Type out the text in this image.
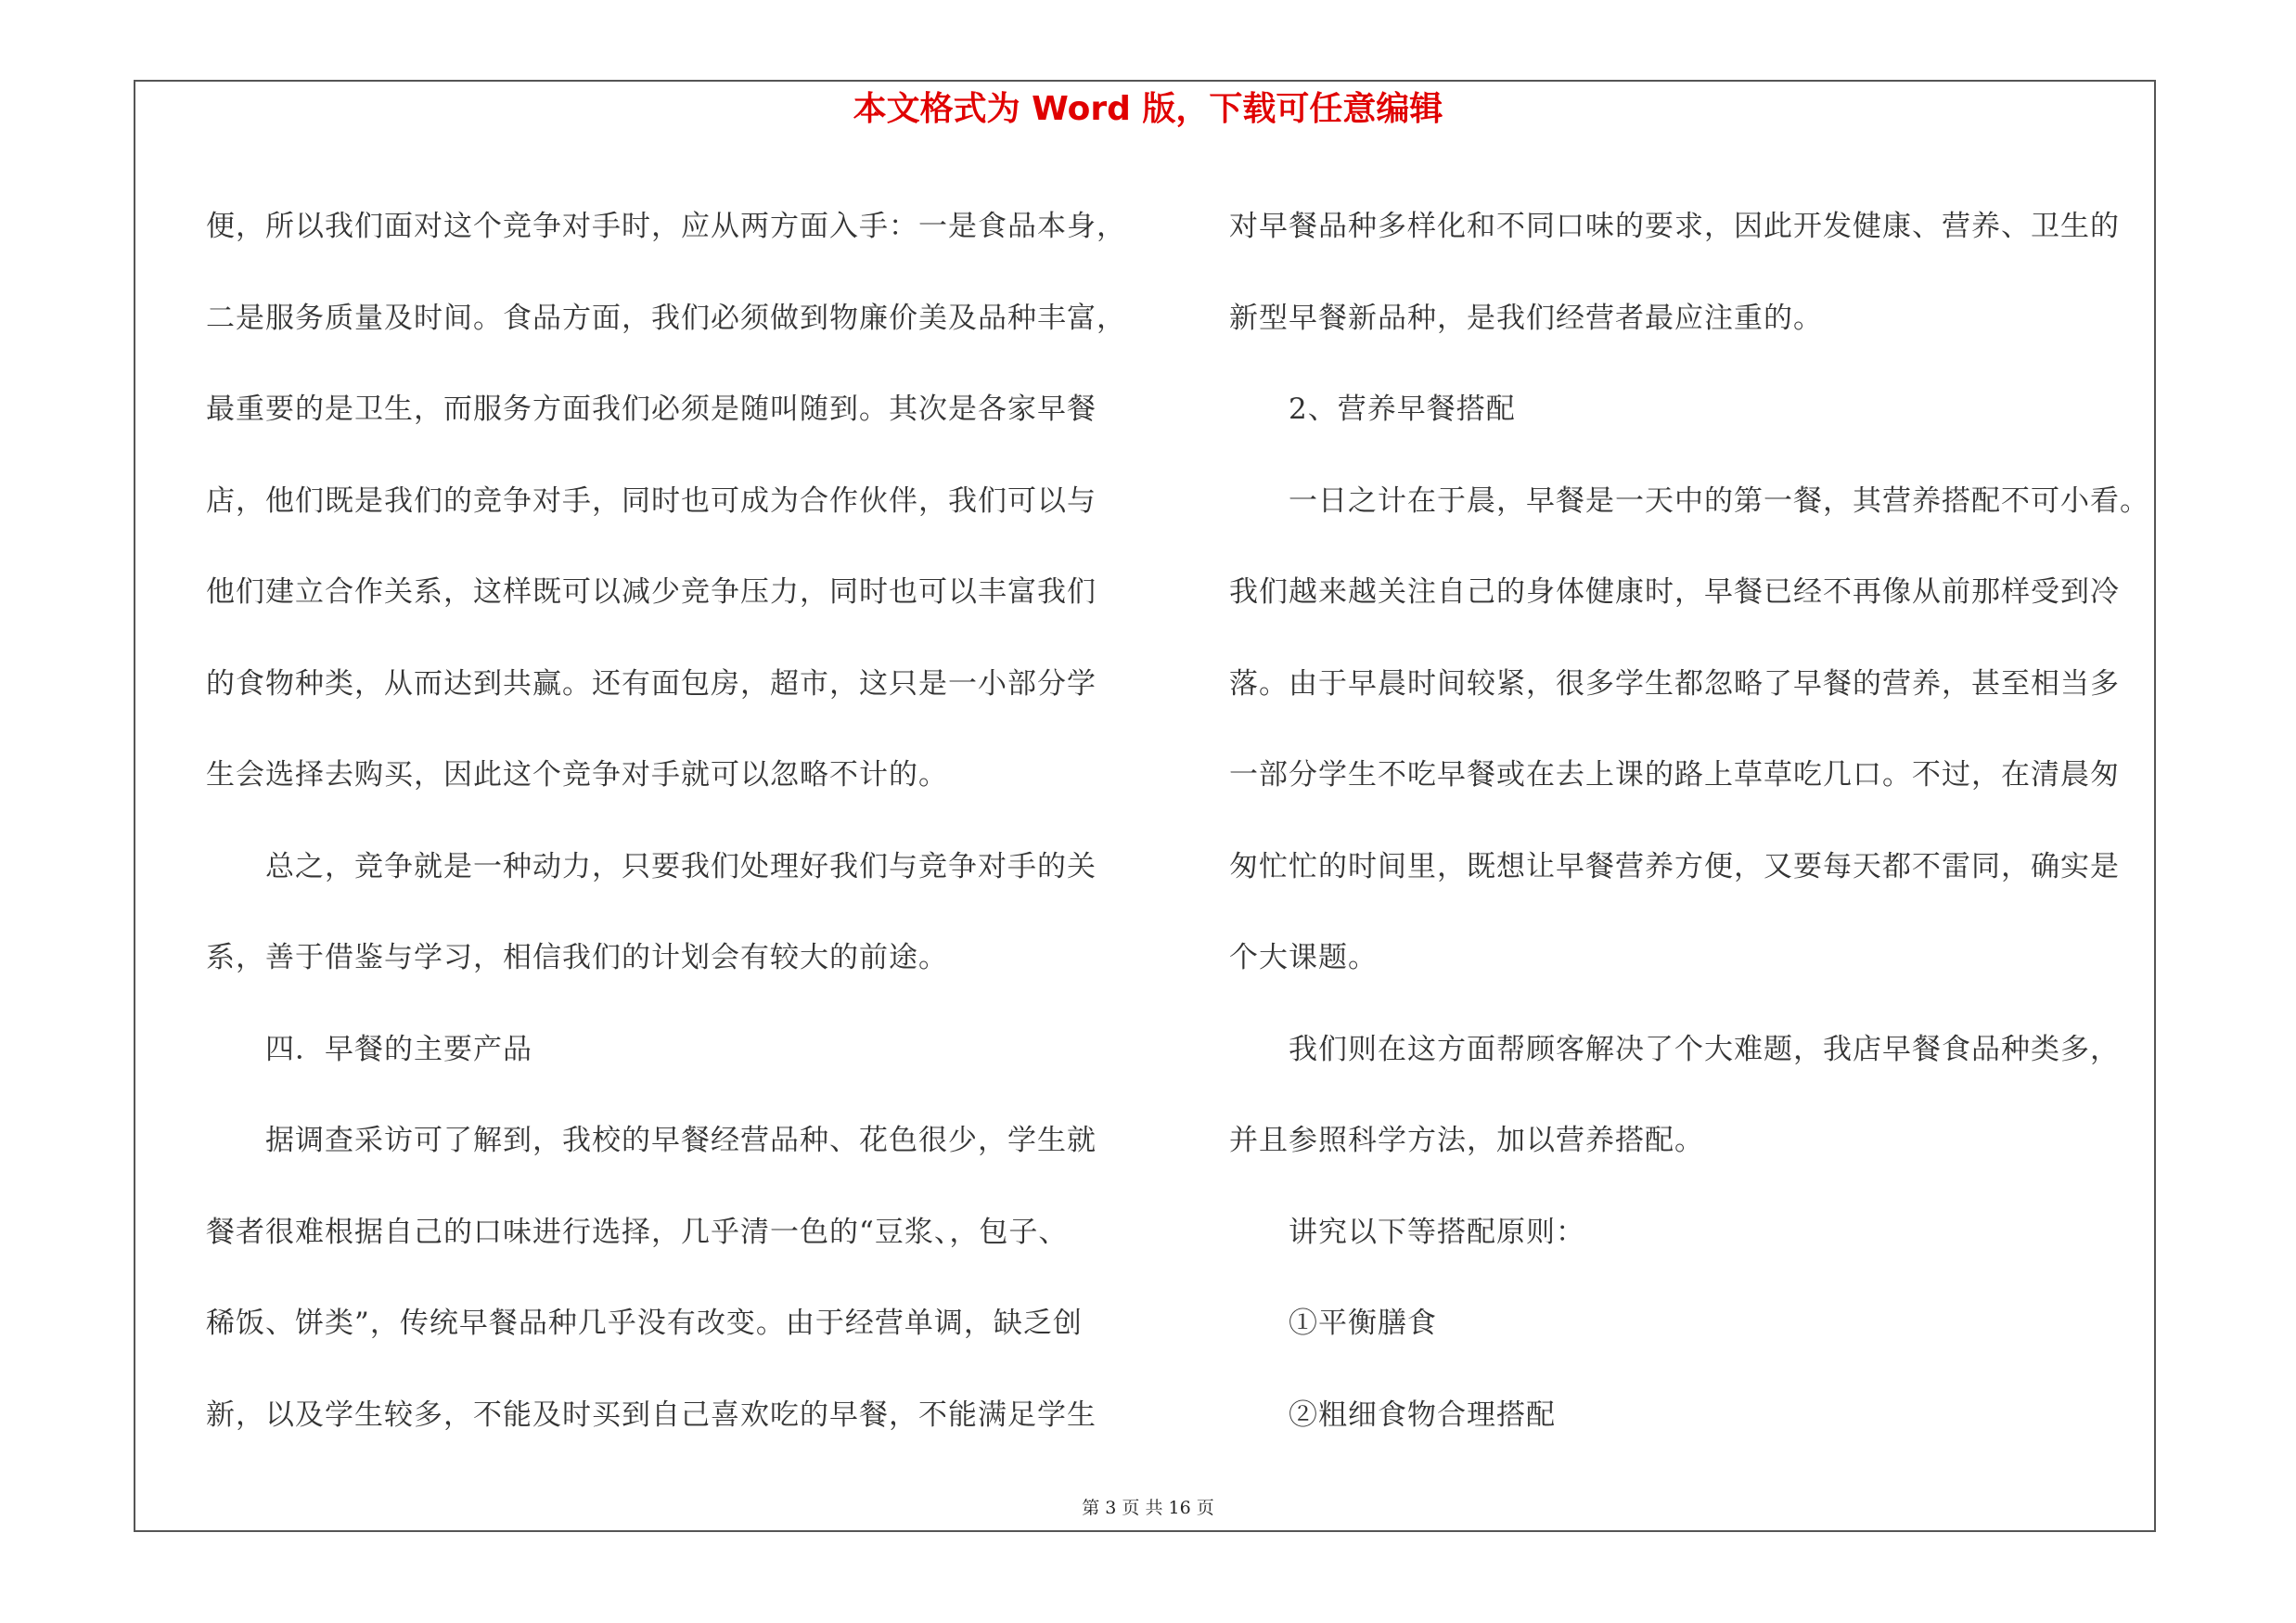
本文格式为 Word 版，下载可任意编辑

便，所以我们面对这个竞争对手时，应从两方面入手：一是食品本身，

二是服务质量及时间。食品方面，我们必须做到物廉价美及品种丰富，

最重要的是卫生，而服务方面我们必须是随叫随到。其次是各家早餐

店，他们既是我们的竞争对手，同时也可成为合作伙伴，我们可以与

他们建立合作关系，这样既可以减少竞争压力，同时也可以丰富我们

的食物种类，从而达到共赢。还有面包房，超市，这只是一小部分学

生会选择去购买，因此这个竞争对手就可以忽略不计的。

　　总之，竞争就是一种动力，只要我们处理好我们与竞争对手的关

系，善于借鉴与学习，相信我们的计划会有较大的前途。

　　四．早餐的主要产品

　　据调查采访可了解到，我校的早餐经营品种、花色很少，学生就

餐者很难根据自己的口味进行选择，几乎清一色的“豆浆、，包子、

稀饭、饼类”，传统早餐品种几乎没有改变。由于经营单调，缺乏创

新，以及学生较多，不能及时买到自己喜欢吃的早餐，不能满足学生

对早餐品种多样化和不同口味的要求，因此开发健康、营养、卫生的

新型早餐新品种，是我们经营者最应注重的。

　　2、营养早餐搭配

　　一日之计在于晨，早餐是一天中的第一餐，其营养搭配不可小看。

我们越来越关注自己的身体健康时，早餐已经不再像从前那样受到冷

落。由于早晨时间较紧，很多学生都忽略了早餐的营养，甚至相当多

一部分学生不吃早餐或在去上课的路上草草吃几口。不过，在清晨匆

匆忙忙的时间里，既想让早餐营养方便，又要每天都不雷同，确实是

个大课题。

　　我们则在这方面帮顾客解决了个大难题，我店早餐食品种类多，

并且参照科学方法，加以营养搭配。

　　讲究以下等搭配原则：

　　①平衡膳食

　　②粗细食物合理搭配

第 3 页 共 16 页
